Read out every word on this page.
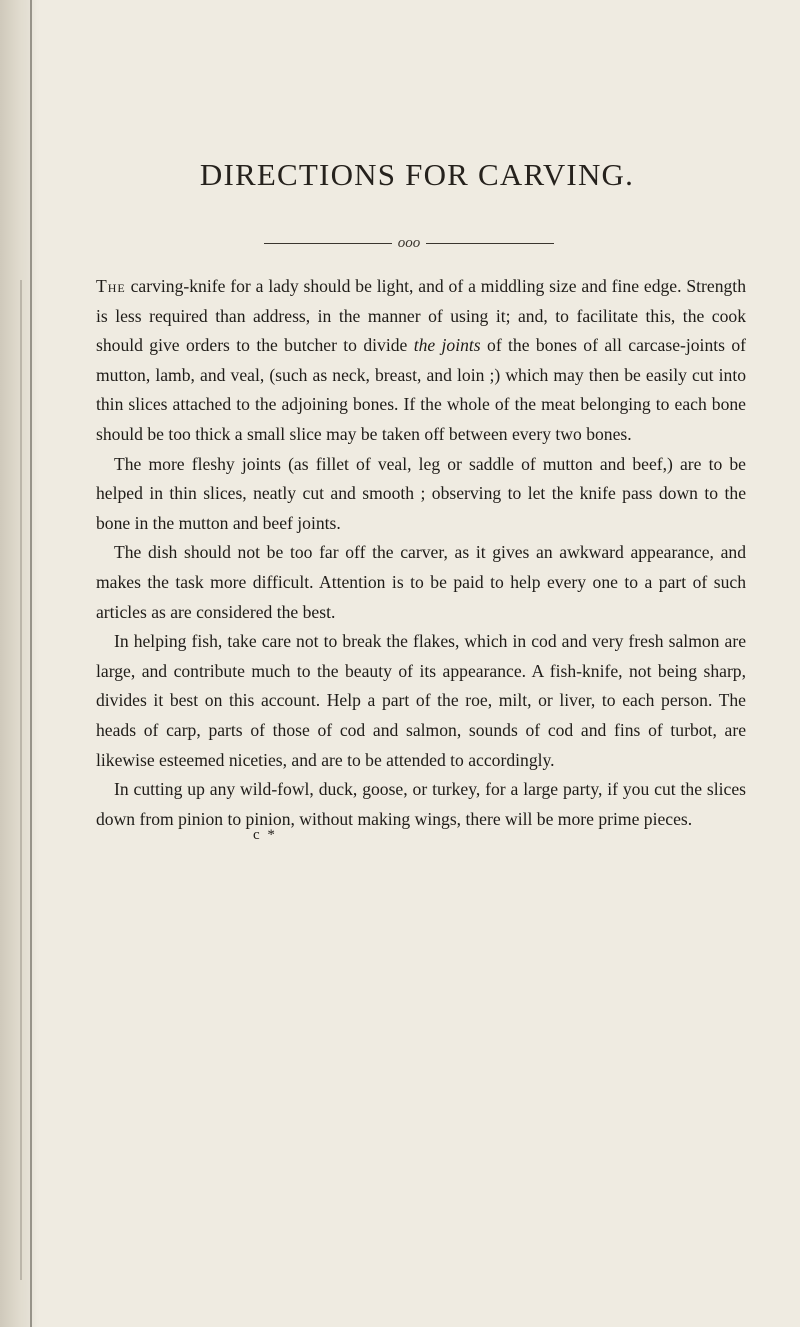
DIRECTIONS FOR CARVING.
ooo

The carving-knife for a lady should be light, and of a middling size and fine edge. Strength is less required than address, in the manner of using it; and, to facilitate this, the cook should give orders to the butcher to divide the joints of the bones of all carcase-joints of mutton, lamb, and veal, (such as neck, breast, and loin ;) which may then be easily cut into thin slices attached to the adjoining bones. If the whole of the meat belonging to each bone should be too thick a small slice may be taken off between every two bones.

The more fleshy joints (as fillet of veal, leg or saddle of mutton and beef,) are to be helped in thin slices, neatly cut and smooth ; observing to let the knife pass down to the bone in the mutton and beef joints.

The dish should not be too far off the carver, as it gives an awkward appearance, and makes the task more difficult. Attention is to be paid to help every one to a part of such articles as are considered the best.

In helping fish, take care not to break the flakes, which in cod and very fresh salmon are large, and contribute much to the beauty of its appearance. A fish-knife, not being sharp, divides it best on this account. Help a part of the roe, milt, or liver, to each person. The heads of carp, parts of those of cod and salmon, sounds of cod and fins of turbot, are likewise esteemed niceties, and are to be attended to accordingly.

In cutting up any wild-fowl, duck, goose, or turkey, for a large party, if you cut the slices down from pinion to pinion, without making wings, there will be more prime pieces.

c *
